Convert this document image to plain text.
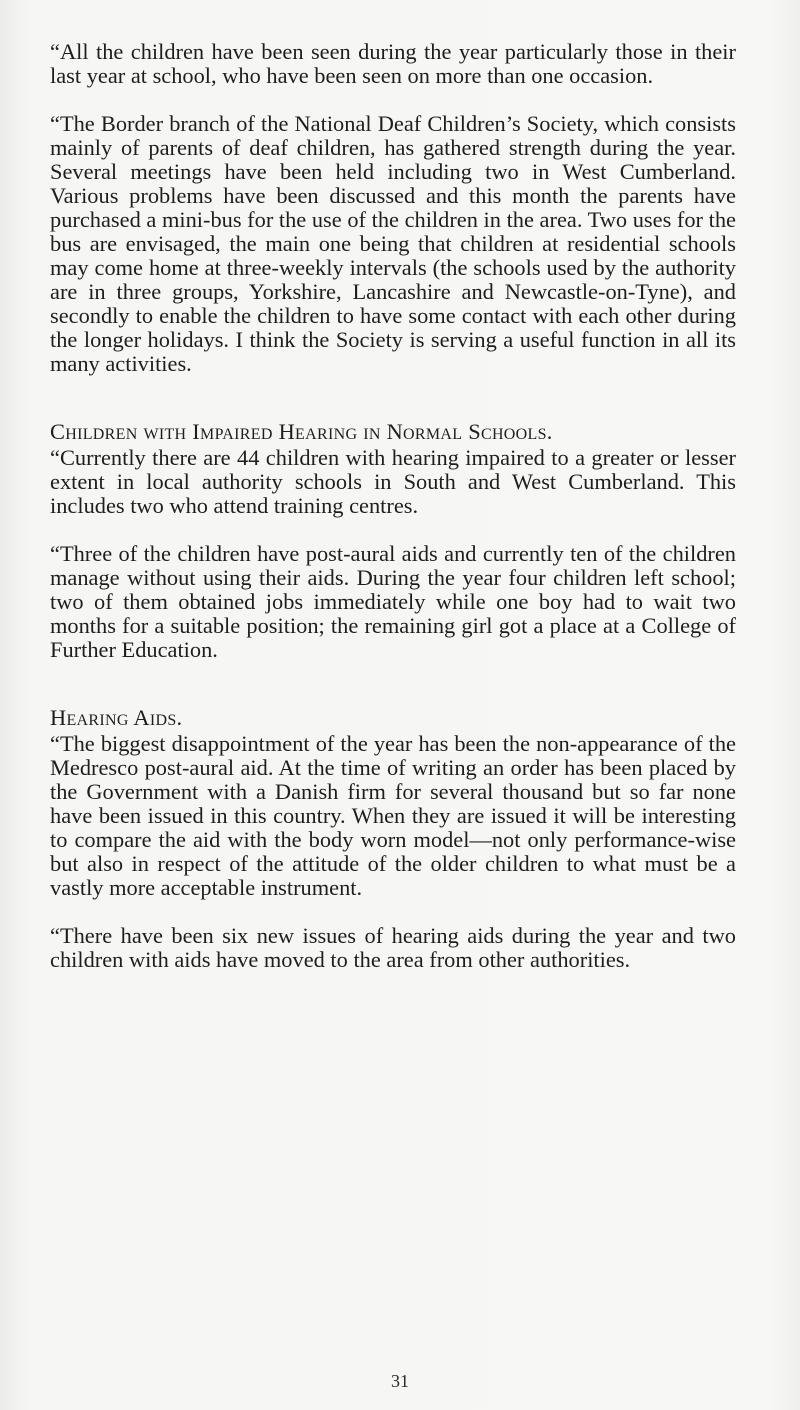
“All the children have been seen during the year particularly those in their last year at school, who have been seen on more than one occasion.

“The Border branch of the National Deaf Children’s Society, which consists mainly of parents of deaf children, has gathered strength during the year. Several meetings have been held including two in West Cumberland. Various problems have been discussed and this month the parents have purchased a mini-bus for the use of the children in the area. Two uses for the bus are envisaged, the main one being that children at residential schools may come home at three-weekly intervals (the schools used by the authority are in three groups, Yorkshire, Lancashire and Newcastle-on-Tyne), and secondly to enable the children to have some contact with each other during the longer holidays. I think the Society is serving a useful function in all its many activities.

Children with Impaired Hearing in Normal Schools.

“Currently there are 44 children with hearing impaired to a greater or lesser extent in local authority schools in South and West Cumberland. This includes two who attend training centres.

“Three of the children have post-aural aids and currently ten of the children manage without using their aids. During the year four children left school; two of them obtained jobs immediately while one boy had to wait two months for a suitable position; the remaining girl got a place at a College of Further Education.

Hearing Aids.

“The biggest disappointment of the year has been the non-appearance of the Medresco post-aural aid. At the time of writing an order has been placed by the Government with a Danish firm for several thousand but so far none have been issued in this country. When they are issued it will be interesting to compare the aid with the body worn model—not only performance-wise but also in respect of the attitude of the older children to what must be a vastly more acceptable instrument.

“There have been six new issues of hearing aids during the year and two children with aids have moved to the area from other authorities.

31
